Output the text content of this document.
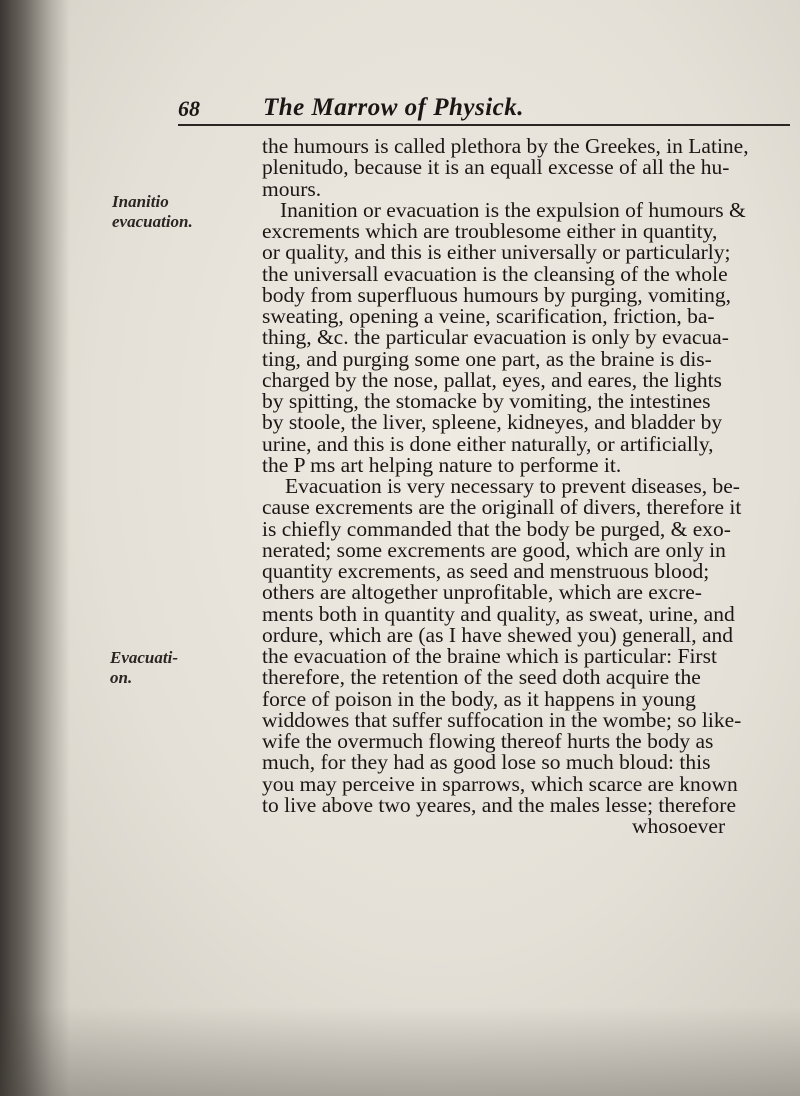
68	The Marrow of Physick.
Inanitio
evacuation.
Evacuati-
on.
the humours is called plethora by the Greekes, in Latine,
plenitudo, because it is an equall excesse of all the hu-
mours.
Inanition or evacuation is the expulsion of humours &
excrements which are troublesome either in quantity,
or quality, and this is either universally or particularly;
the universall evacuation is the cleansing of the whole
body from superfluous humours by purging, vomiting,
sweating, opening a veine, scarification, friction, ba-
thing, &c. the particular evacuation is only by evacua-
ting, and purging some one part, as the braine is dis-
charged by the nose, pallat, eyes, and eares, the lights
by spitting, the stomacke by vomiting, the intestines
by stoole, the liver, spleene, kidneyes, and bladder by
urine, and this is done either naturally, or artificially,
the P ms art helping nature to performe it.
Evacuation is very necessary to prevent diseases, be-
cause excrements are the originall of divers, therefore it
is chiefly commanded that the body be purged, & exo-
nerated; some excrements are good, which are only in
quantity excrements, as seed and menstruous blood;
others are altogether unprofitable, which are excre-
ments both in quantity and quality, as sweat, urine, and
ordure, which are (as I have shewed you) generall, and
the evacuation of the braine which is particular: First
therefore, the retention of the seed doth acquire the
force of poison in the body, as it happens in young
widdowes that suffer suffocation in the wombe; so like-
wife the overmuch flowing thereof hurts the body as
much, for they had as good lose so much bloud: this
you may perceive in sparrows, which scarce are known
to live above two yeares, and the males lesse; therefore
whosoever
